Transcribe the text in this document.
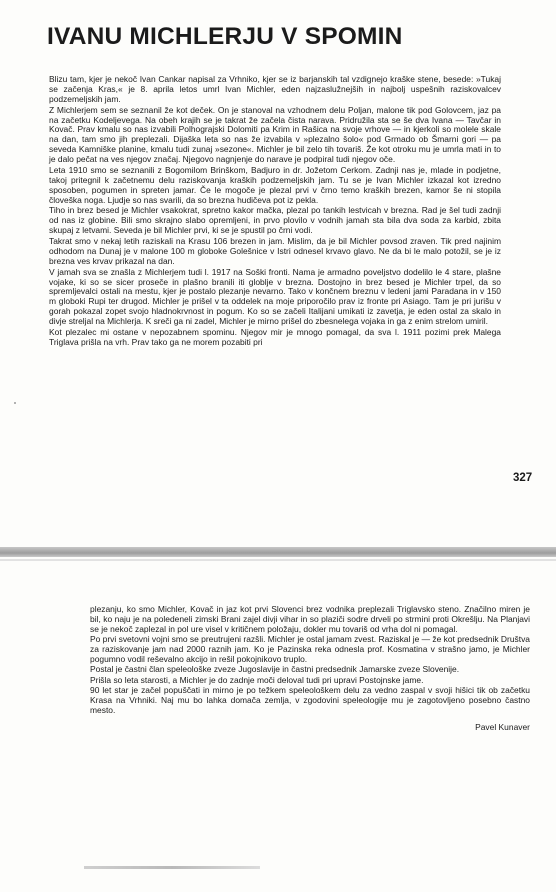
IVANU MICHLERJU V SPOMIN

Blizu tam, kjer je nekoč Ivan Cankar napisal za Vrhniko, kjer se iz barjanskih tal vzdignejo kraške stene, besede: »Tukaj se začenja Kras,« je 8. aprila letos umrl Ivan Michler, eden najzaslužnejših in najbolj uspešnih raziskovalcev podzemeljskih jam.

Z Michlerjem sem se seznanil že kot deček. On je stanoval na vzhodnem delu Poljan, malone tik pod Golovcem, jaz pa na začetku Kodeljevega. Na obeh krajih se je takrat že začela čista narava. Pridružila sta se še dva Ivana — Tavčar in Kovač. Prav kmalu so nas izvabili Polhograjski Dolomiti pa Krim in Rašica na svoje vrhove — in kjerkoli so molele skale na dan, tam smo jih preplezali. Dijaška leta so nas že izvabila v »plezalno šolo« pod Grmado ob Šmarni gori — pa seveda Kamniške planine, kmalu tudi zunaj »sezone«. Michler je bil zelo tih tovariš. Že kot otroku mu je umrla mati in to je dalo pečat na ves njegov značaj. Njegovo nagnjenje do narave je podpiral tudi njegov oče.

Leta 1910 smo se seznanili z Bogomilom Brinškom, Badjuro in dr. Jožetom Cerkom. Zadnji nas je, mlade in podjetne, takoj pritegnil k začetnemu delu raziskovanja kraških podzemeljskih jam. Tu se je Ivan Michler izkazal kot izredno sposoben, pogumen in spreten jamar. Če le mogoče je plezal prvi v črno temo kraških brezen, kamor še ni stopila človeška noga. Ljudje so nas svarili, da so brezna hudičeva pot iz pekla.

Tiho in brez besed je Michler vsakokrat, spretno kakor mačka, plezal po tankih lestvicah v brezna. Rad je šel tudi zadnji od nas iz globine. Bili smo skrajno slabo opremljeni, in prvo plovilo v vodnih jamah sta bila dva soda za karbid, zbita skupaj z letvami. Seveda je bil Michler prvi, ki se je spustil po črni vodi.

Takrat smo v nekaj letih raziskali na Krasu 106 brezen in jam. Mislim, da je bil Michler povsod zraven. Tik pred najinim odhodom na Dunaj je v malone 100 m globoke Golešnice v Istri odnesel krvavo glavo. Ne da bi le malo potožil, se je iz brezna ves krvav prikazal na dan.

V jamah sva se znašla z Michlerjem tudi l. 1917 na Soški fronti. Nama je armadno poveljstvo dodelilo le 4 stare, plašne vojake, ki so se sicer proseče in plašno branili iti globlje v brezna. Dostojno in brez besed je Michler trpel, da so spremljevalci ostali na mestu, kjer je postalo plezanje nevarno. Tako v končnem breznu v ledeni jami Paradana in v 150 m globoki Rupi ter drugod. Michler je prišel v ta oddelek na moje priporočilo prav iz fronte pri Asiago. Tam je pri jurišu v gorah pokazal zopet svojo hladnokrvnost in pogum. Ko so se začeli Italijani umikati iz zavetja, je eden ostal za skalo in divje streljal na Michlerja. K sreči ga ni zadel, Michler je mirno prišel do zbesnelega vojaka in ga z enim strelom umiril.

Kot plezalec mi ostane v nepozabnem spominu. Njegov mir je mnogo pomagal, da sva l. 1911 pozimi prek Malega Triglava prišla na vrh. Prav tako ga ne morem pozabiti pri

327

plezanju, ko smo Michler, Kovač in jaz kot prvi Slovenci brez vodnika preplezali Triglavsko steno. Značilno miren je bil, ko naju je na poledeneli zimski Brani zajel divji vihar in so plaziči sodre drveli po strmini proti Okrešlju. Na Planjavi se je nekoč zaplezal in pol ure visel v kritičnem položaju, dokler mu tovariš od vrha dol ni pomagal.

Po prvi svetovni vojni smo se preutrujeni razšli. Michler je ostal jamam zvest. Raziskal je — že kot predsednik Društva za raziskovanje jam nad 2000 raznih jam. Ko je Pazinska reka odnesla prof. Kosmatina v strašno jamo, je Michler pogumno vodil reševalno akcijo in rešil pokojnikovo truplo.

Postal je častni član speleološke zveze Jugoslavije in častni predsednik Jamarske zveze Slovenije.

Prišla so leta starosti, a Michler je do zadnje moči deloval tudi pri upravi Postojnske jame.

90 let star je začel popuščati in mirno je po težkem speleološkem delu za vedno zaspal v svoji hišici tik ob začetku Krasa na Vrhniki. Naj mu bo lahka domača zemlja, v zgodovini speleologije mu je zagotovljeno posebno častno mesto.

Pavel Kunaver
